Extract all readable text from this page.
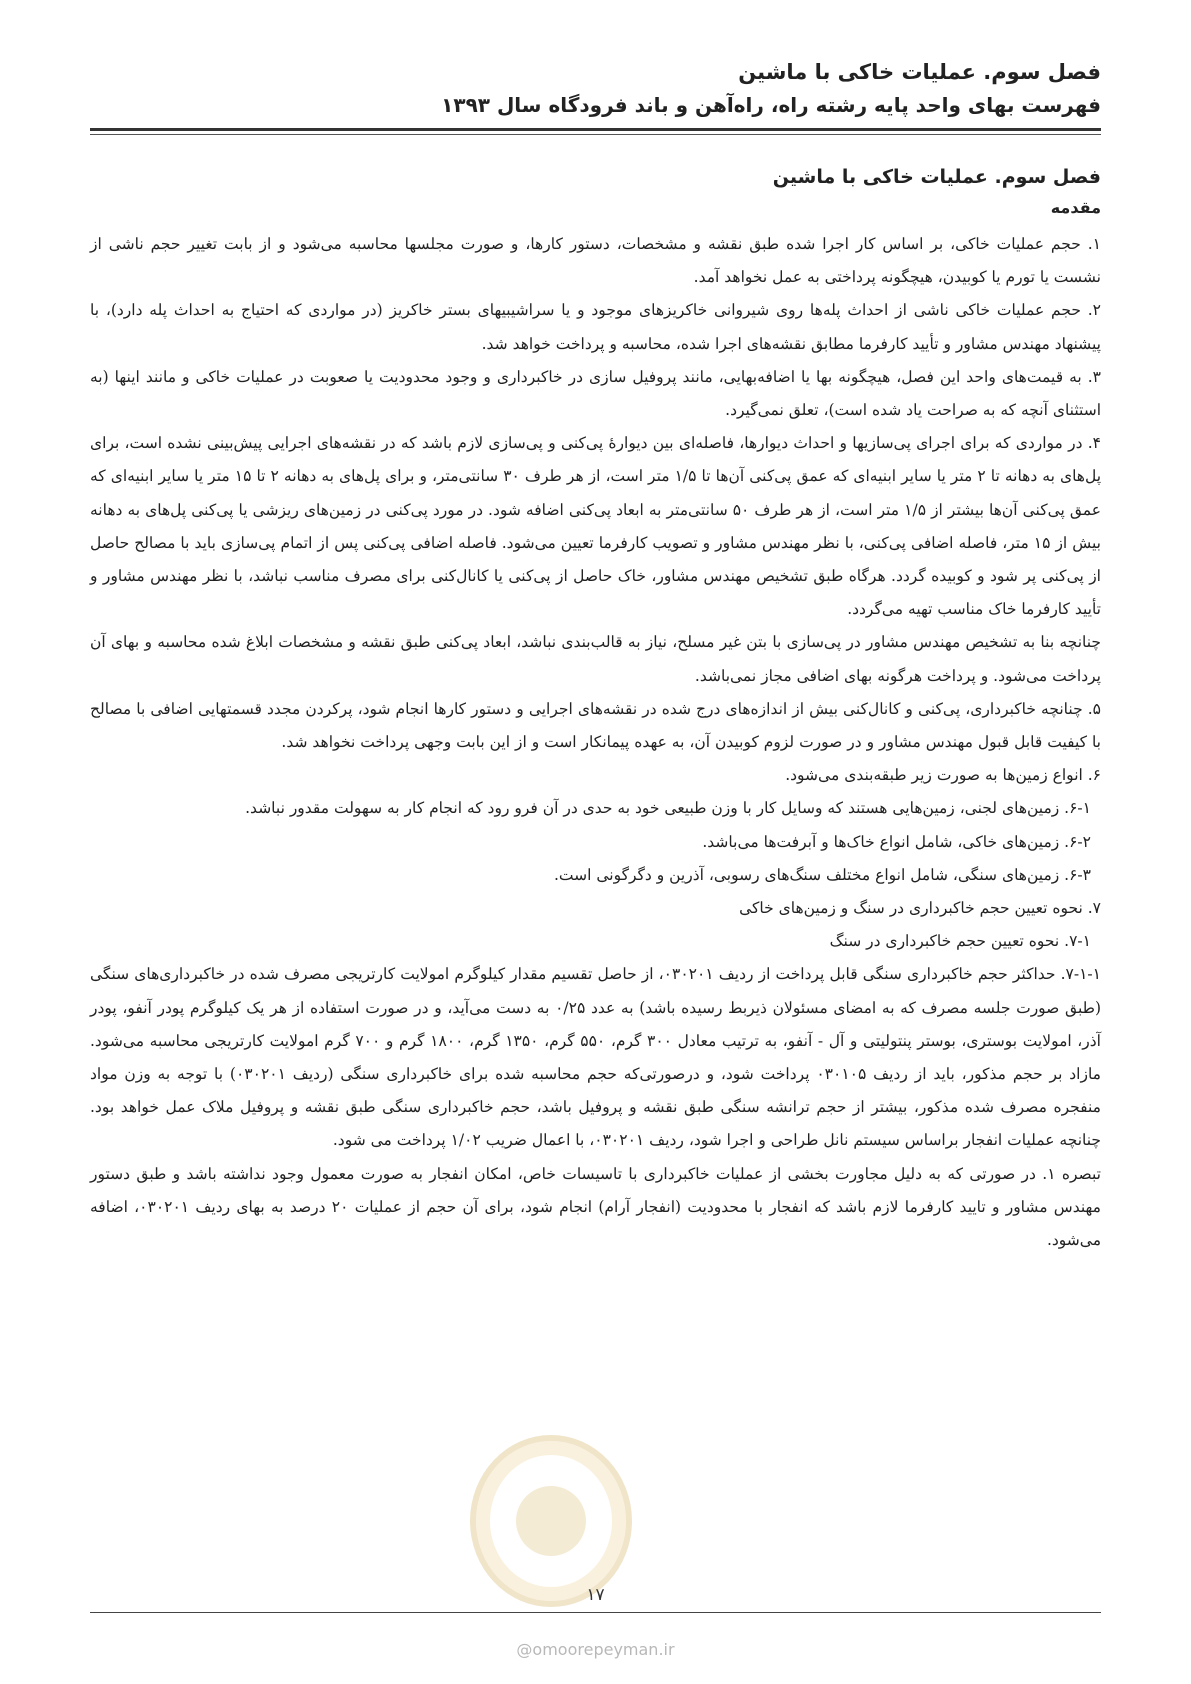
فصل سوم. عملیات خاکی با ماشین
فهرست بهای واحد پایه رشته راه، راه‌آهن و باند فرودگاه سال ۱۳۹۳

فصل سوم. عملیات خاکی با ماشین

مقدمه

۱. حجم عملیات خاکی، بر اساس کار اجرا شده طبق نقشه و مشخصات، دستور کارها، و صورت مجلسها محاسبه می‌شود و از بابت تغییر حجم ناشی از نشست یا تورم یا کوبیدن، هیچگونه پرداختی به عمل نخواهد آمد.

۲. حجم عملیات خاکی ناشی از احداث پله‌ها روی شیروانی خاکریزهای موجود و یا سراشیبیهای بستر خاکریز (در مواردی که احتیاج به احداث پله دارد)، با پیشنهاد مهندس مشاور و تأیید کارفرما مطابق نقشه‌های اجرا شده، محاسبه و پرداخت خواهد شد.

۳. به قیمت‌های واحد این فصل، هیچگونه بها یا اضافه‌بهایی، مانند پروفیل سازی در خاکبرداری و وجود محدودیت یا صعوبت در عملیات خاکی و مانند اینها (به استثنای آنچه که به صراحت یاد شده است)، تعلق نمی‌گیرد.

۴. در مواردی که برای اجرای پی‌سازیها و احداث دیوارها، فاصله‌ای بین دیوارهٔ پی‌کنی و پی‌سازی لازم باشد که در نقشه‌های اجرایی پیش‌بینی نشده است، برای پل‌های به دهانه تا ۲ متر یا سایر ابنیه‌ای که عمق پی‌کنی آن‌ها تا ۱/۵ متر است، از هر طرف ۳۰ سانتی‌متر، و برای پل‌های به دهانه ۲ تا ۱۵ متر یا سایر ابنیه‌ای که عمق پی‌کنی آن‌ها بیشتر از ۱/۵ متر است، از هر طرف ۵۰ سانتی‌متر به ابعاد پی‌کنی اضافه شود. در مورد پی‌کنی در زمین‌های ریزشی یا پی‌کنی پل‌های به دهانه بیش از ۱۵ متر، فاصله اضافی پی‌کنی، با نظر مهندس مشاور و تصویب کارفرما تعیین می‌شود. فاصله اضافی پی‌کنی پس از اتمام پی‌سازی باید با مصالح حاصل از پی‌کنی پر شود و کوبیده گردد. هرگاه طبق تشخیص مهندس مشاور، خاک حاصل از پی‌کنی یا کانال‌کنی برای مصرف مناسب نباشد، با نظر مهندس مشاور و تأیید کارفرما خاک مناسب تهیه می‌گردد.

چنانچه بنا به تشخیص مهندس مشاور در پی‌سازی با بتن غیر مسلح، نیاز به قالب‌بندی نباشد، ابعاد پی‌کنی طبق نقشه و مشخصات ابلاغ شده محاسبه و بهای آن پرداخت می‌شود. و پرداخت هرگونه بهای اضافی مجاز نمی‌باشد.

۵. چنانچه خاکبرداری، پی‌کنی و کانال‌کنی بیش از اندازه‌های درج شده در نقشه‌های اجرایی و دستور کارها انجام شود، پرکردن مجدد قسمتهایی اضافی با مصالح با کیفیت قابل قبول مهندس مشاور و در صورت لزوم کوبیدن آن، به عهده پیمانکار است و از این بابت وجهی پرداخت نخواهد شد.

۶. انواع زمین‌ها به صورت زیر طبقه‌بندی می‌شود.

۶-۱. زمین‌های لجنی، زمین‌هایی هستند که وسایل کار با وزن طبیعی خود به حدی در آن فرو رود که انجام کار به سهولت مقدور نباشد.

۶-۲. زمین‌های خاکی، شامل انواع خاک‌ها و آبرفت‌ها می‌باشد.

۶-۳. زمین‌های سنگی، شامل انواع مختلف سنگ‌های رسوبی، آذرین و دگرگونی است.

۷. نحوه تعیین حجم خاکبرداری در سنگ و زمین‌های خاکی

۷-۱. نحوه تعیین حجم خاکبرداری در سنگ

۷-۱-۱. حداکثر حجم خاکبرداری سنگی قابل پرداخت از ردیف ۰۳۰۲۰۱، از حاصل تقسیم مقدار کیلوگرم امولایت کارتریجی مصرف شده در خاکبرداری‌های سنگی (طبق صورت جلسه مصرف که به امضای مسئولان ذیربط رسیده باشد) به عدد ۰/۲۵ به دست می‌آید، و در صورت استفاده از هر یک کیلوگرم پودر آنفو، پودر آذر، امولایت بوستری، بوستر پنتولیتی و آل - آنفو، به ترتیب معادل ۳۰۰ گرم، ۵۵۰ گرم، ۱۳۵۰ گرم، ۱۸۰۰ گرم و ۷۰۰ گرم امولایت کارتریجی محاسبه می‌شود. مازاد بر حجم مذکور، باید از ردیف ۰۳۰۱۰۵ پرداخت شود، و درصورتی‌که حجم محاسبه شده برای خاکبرداری سنگی (ردیف ۰۳۰۲۰۱) با توجه به وزن مواد منفجره مصرف شده مذکور، بیشتر از حجم ترانشه سنگی طبق نقشه و پروفیل باشد، حجم خاکبرداری سنگی طبق نقشه و پروفیل ملاک عمل خواهد بود. چنانچه عملیات انفجار براساس سیستم نانل طراحی و اجرا شود، ردیف ۰۳۰۲۰۱، با اعمال ضریب ۱/۰۲ پرداخت می شود.

تبصره ۱. در صورتی که به دلیل مجاورت بخشی از عملیات خاکبرداری با تاسیسات خاص، امکان انفجار به صورت معمول وجود نداشته باشد و طبق دستور مهندس مشاور و تایید کارفرما لازم باشد که انفجار با محدودیت (انفجار آرام) انجام شود، برای آن حجم از عملیات ۲۰ درصد به بهای ردیف ۰۳۰۲۰۱، اضافه می‌شود.

۱۷
@omoorepeyman.ir
